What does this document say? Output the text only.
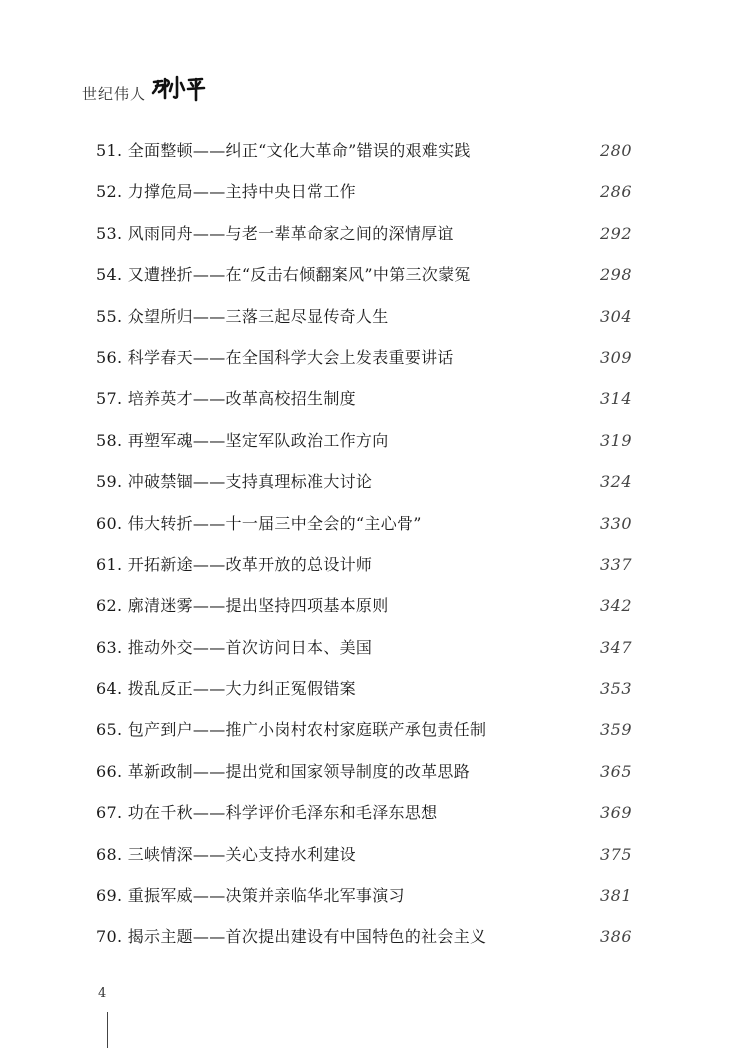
世纪伟人
51. 全面整顿——纠正“文化大革命”错误的艰难实践	280
52. 力撑危局——主持中央日常工作	286
53. 风雨同舟——与老一辈革命家之间的深情厚谊	292
54. 又遭挫折——在“反击右倾翻案风”中第三次蒙冤	298
55. 众望所归——三落三起尽显传奇人生	304
56. 科学春天——在全国科学大会上发表重要讲话	309
57. 培养英才——改革高校招生制度	314
58. 再塑军魂——坚定军队政治工作方向	319
59. 冲破禁锢——支持真理标准大讨论	324
60. 伟大转折——十一届三中全会的“主心骨”	330
61. 开拓新途——改革开放的总设计师	337
62. 廓清迷雾——提出坚持四项基本原则	342
63. 推动外交——首次访问日本、美国	347
64. 拨乱反正——大力纠正冤假错案	353
65. 包产到户——推广小岗村农村家庭联产承包责任制	359
66. 革新政制——提出党和国家领导制度的改革思路	365
67. 功在千秋——科学评价毛泽东和毛泽东思想	369
68. 三峡情深——关心支持水利建设	375
69. 重振军威——决策并亲临华北军事演习	381
70. 揭示主题——首次提出建设有中国特色的社会主义	386
4
